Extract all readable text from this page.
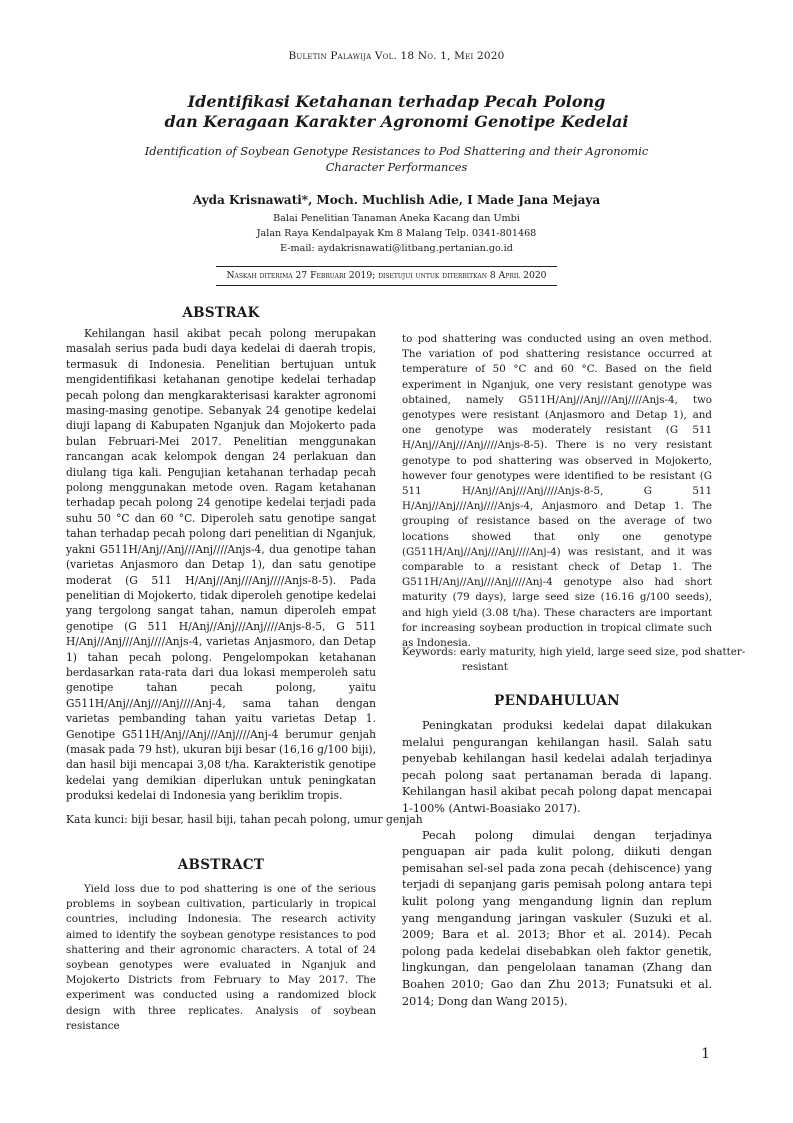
Buletin Palawija Vol. 18 No. 1, Mei 2020
Identifikasi Ketahanan terhadap Pecah Polong
dan Keragaan Karakter Agronomi Genotipe Kedelai
Identification of Soybean Genotype Resistances to Pod Shattering and their Agronomic Character Performances
Ayda Krisnawati*, Moch. Muchlish Adie, I Made Jana Mejaya
Balai Penelitian Tanaman Aneka Kacang dan Umbi
Jalan Raya Kendalpayak Km 8 Malang Telp. 0341-801468
E-mail: aydakrisnawati@litbang.pertanian.go.id
Naskah diterima 27 Februari 2019; disetujui untuk diterbitkan 8 April 2020
ABSTRAK

Kehilangan hasil akibat pecah polong merupakan masalah serius pada budi daya kedelai di daerah tropis, termasuk di Indonesia. Penelitian bertujuan untuk mengidentifikasi ketahanan genotipe kedelai terhadap pecah polong dan mengkarakterisasi karakter agronomi masing-masing genotipe. Sebanyak 24 genotipe kedelai diuji lapang di Kabupaten Nganjuk dan Mojokerto pada bulan Februari-Mei 2017. Penelitian menggunakan rancangan acak kelompok dengan 24 perlakuan dan diulang tiga kali. Pengujian ketahanan terhadap pecah polong menggunakan metode oven. Ragam ketahanan terhadap pecah polong 24 genotipe kedelai terjadi pada suhu 50 °C dan 60 °C. Diperoleh satu genotipe sangat tahan terhadap pecah polong dari penelitian di Nganjuk, yakni G511H/Anj//Anj///Anj////Anjs-4, dua genotipe tahan (varietas Anjasmoro dan Detap 1), dan satu genotipe moderat (G 511 H/Anj//Anj///Anj////Anjs-8-5). Pada penelitian di Mojokerto, tidak diperoleh genotipe kedelai yang tergolong sangat tahan, namun diperoleh empat genotipe (G 511 H/Anj//Anj///Anj////Anjs-8-5, G 511 H/Anj//Anj///Anj////Anjs-4, varietas Anjasmoro, dan Detap 1) tahan pecah polong. Pengelompokan ketahanan berdasarkan rata-rata dari dua lokasi memperoleh satu genotipe tahan pecah polong, yaitu G511H/Anj//Anj///Anj////Anj-4, sama tahan dengan varietas pembanding tahan yaitu varietas Detap 1. Genotipe G511H/Anj//Anj///Anj////Anj-4 berumur genjah (masak pada 79 hst), ukuran biji besar (16,16 g/100 biji), dan hasil biji mencapai 3,08 t/ha. Karakteristik genotipe kedelai yang demikian diperlukan untuk peningkatan produksi kedelai di Indonesia yang beriklim tropis.

Kata kunci: biji besar, hasil biji, tahan pecah polong, umur genjah
ABSTRACT

Yield loss due to pod shattering is one of the serious problems in soybean cultivation, particularly in tropical countries, including Indonesia. The research activity aimed to identify the soybean genotype resistances to pod shattering and their agronomic characters. A total of 24 soybean genotypes were evaluated in Nganjuk and Mojokerto Districts from February to May 2017. The experiment was conducted using a randomized block design with three replicates. Analysis of soybean resistance

to pod shattering was conducted using an oven method. The variation of pod shattering resistance occurred at temperature of 50 °C and 60 °C. Based on the field experiment in Nganjuk, one very resistant genotype was obtained, namely G511H/Anj//Anj///Anj////Anjs-4, two genotypes were resistant (Anjasmoro and Detap 1), and one genotype was moderately resistant (G 511 H/Anj//Anj///Anj////Anjs-8-5). There is no very resistant genotype to pod shattering was observed in Mojokerto, however four genotypes were identified to be resistant (G 511 H/Anj//Anj///Anj////Anjs-8-5, G 511 H/Anj//Anj///Anj////Anjs-4, Anjasmoro and Detap 1. The grouping of resistance based on the average of two locations showed that only one genotype (G511H/Anj//Anj///Anj////Anj-4) was resistant, and it was comparable to a resistant check of Detap 1. The G511H/Anj//Anj///Anj////Anj-4 genotype also had short maturity (79 days), large seed size (16.16 g/100 seeds), and high yield (3.08 t/ha). These characters are important for increasing soybean production in tropical climate such as Indonesia.

Keywords: early maturity, high yield, large seed size, pod shatter-resistant
PENDAHULUAN

Peningkatan produksi kedelai dapat dilakukan melalui pengurangan kehilangan hasil. Salah satu penyebab kehilangan hasil kedelai adalah terjadinya pecah polong saat pertanaman berada di lapang. Kehilangan hasil akibat pecah polong dapat mencapai 1-100% (Antwi-Boasiako 2017).

Pecah polong dimulai dengan terjadinya penguapan air pada kulit polong, diikuti dengan pemisahan sel-sel pada zona pecah (dehiscence) yang terjadi di sepanjang garis pemisah polong antara tepi kulit polong yang mengandung lignin dan replum yang mengandung jaringan vaskuler (Suzuki et al. 2009; Bara et al. 2013; Bhor et al. 2014). Pecah polong pada kedelai disebabkan oleh faktor genetik, lingkungan, dan pengelolaan tanaman (Zhang dan Boahen 2010; Gao dan Zhu 2013; Funatsuki et al. 2014; Dong dan Wang 2015).

1
